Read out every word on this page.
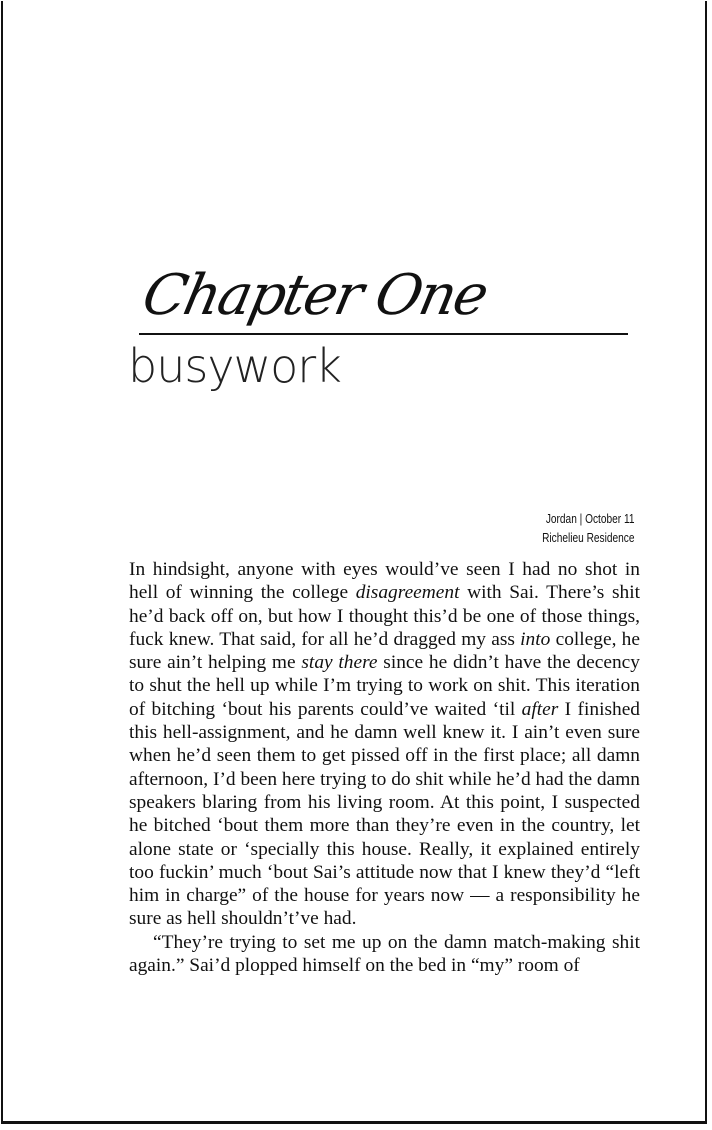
Chapter One
busywork
Jordan | October 11
Richelieu Residence

In hindsight, anyone with eyes would’ve seen I had no shot in hell of winning the college disagreement with Sai. There’s shit he’d back off on, but how I thought this’d be one of those things, fuck knew. That said, for all he’d dragged my ass into college, he sure ain’t helping me stay there since he didn’t have the decency to shut the hell up while I’m trying to work on shit. This iteration of bitching ‘bout his parents could’ve waited ‘til after I finished this hell-assignment, and he damn well knew it. I ain’t even sure when he’d seen them to get pissed off in the first place; all damn afternoon, I’d been here trying to do shit while he’d had the damn speakers blaring from his living room. At this point, I suspected he bitched ‘bout them more than they’re even in the country, let alone state or ‘specially this house. Really, it explained entirely too fuckin’ much ‘bout Sai’s attitude now that I knew they’d “left him in charge” of the house for years now — a responsibility he sure as hell shouldn’t’ve had.

“They’re trying to set me up on the damn match-making shit again.” Sai’d plopped himself on the bed in “my” room of
